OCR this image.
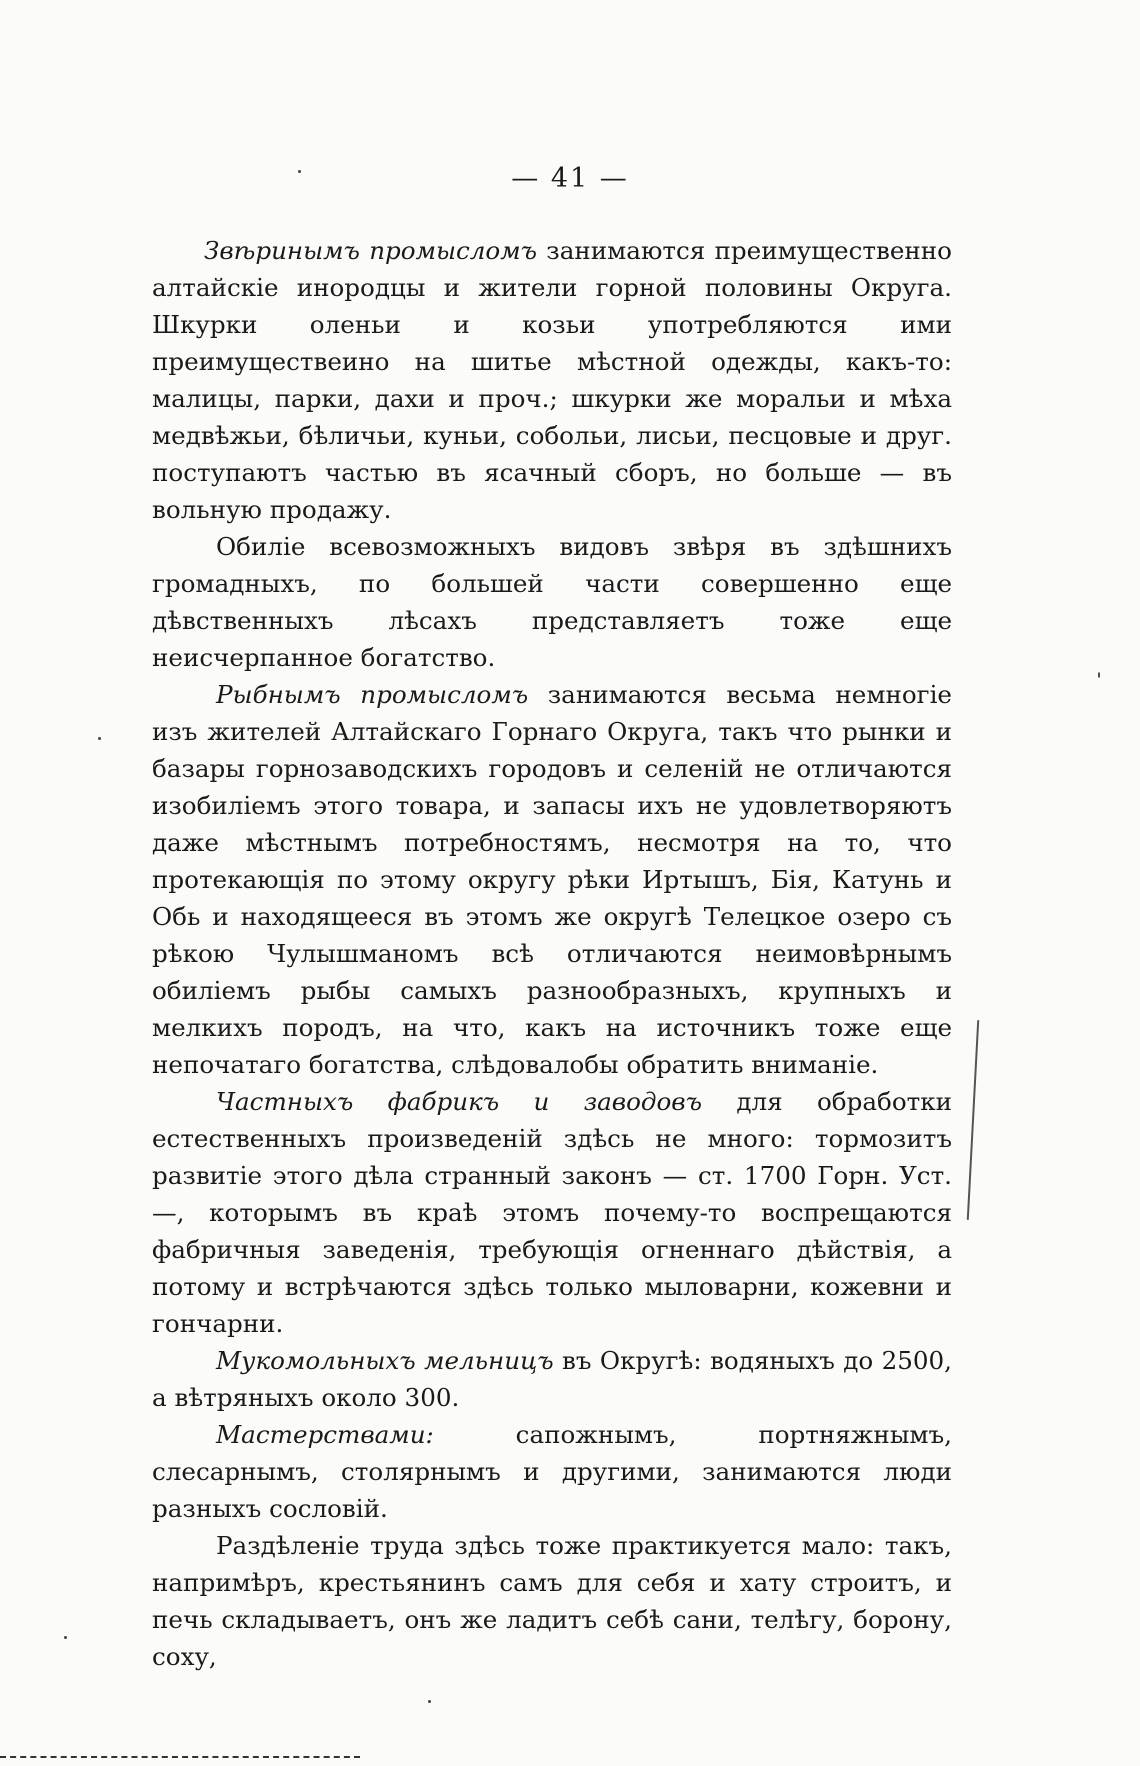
— 41 —

Звѣринымъ промысломъ занимаются преимущественно алтайскіе инородцы и жители горной половины Округа. Шкурки оленьи и козьи употребляются ими преимуществеино на шитье мѣстной одежды, какъ-то: малицы, парки, дахи и проч.; шкурки же моральи и мѣха медвѣжьи, бѣличьи, куньи, собольи, лисьи, песцовые и друг. поступаютъ частью въ ясачный сборъ, но больше — въ вольную продажу.

Обиліе всевозможныхъ видовъ звѣря въ здѣшнихъ громадныхъ, по большей части совершенно еще дѣвственныхъ лѣсахъ представляетъ тоже еще неисчерпанное богатство.

Рыбнымъ промысломъ занимаются весьма немногіе изъ жителей Алтайскаго Горнаго Округа, такъ что рынки и базары горнозаводскихъ городовъ и селеній не отличаются изобиліемъ этого товара, и запасы ихъ не удовлетворяютъ даже мѣстнымъ потребностямъ, несмотря на то, что протекающія по этому округу рѣки Иртышъ, Бія, Катунь и Обь и находящееся въ этомъ же округѣ Телецкое озеро съ рѣкою Чулышманомъ всѣ отличаются неимовѣрнымъ обиліемъ рыбы самыхъ разнообразныхъ, крупныхъ и мелкихъ породъ, на что, какъ на источникъ тоже еще непочатаго богатства, слѣдовалобы обратить вниманіе.

Частныхъ фабрикъ и заводовъ для обработки естественныхъ произведеній здѣсь не много: тормозитъ развитіе этого дѣла странный законъ — ст. 1700 Горн. Уст. —, которымъ въ краѣ этомъ почему-то воспрещаются фабричныя заведенія, требующія огненнаго дѣйствія, а потому и встрѣчаются здѣсь только мыловарни, кожевни и гончарни.

Мукомольныхъ мельницъ въ Округѣ: водяныхъ до 2500, а вѣтряныхъ около 300.

Мастерствами: сапожнымъ, портняжнымъ, слесарнымъ, столярнымъ и другими, занимаются люди разныхъ сословій.

Раздѣленіе труда здѣсь тоже практикуется мало: такъ, напримѣръ, крестьянинъ самъ для себя и хату строитъ, и печь складываетъ, онъ же ладитъ себѣ сани, телѣгу, борону, соху,
